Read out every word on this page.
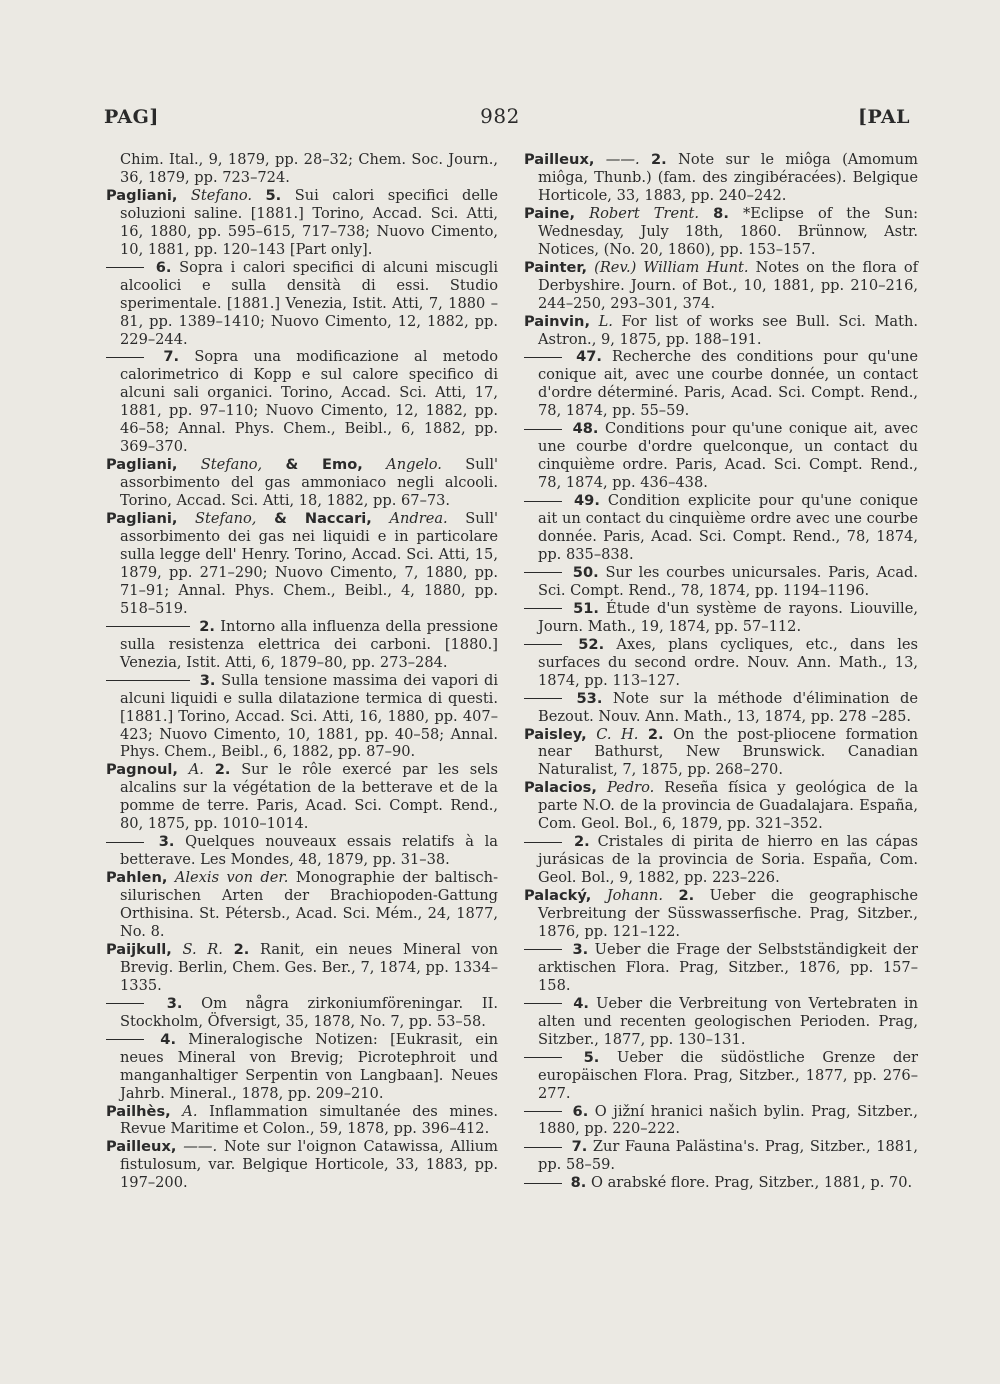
PAG]	982	[PAL

Chim. Ital., 9, 1879, pp. 28–32; Chem. Soc. Journ., 36, 1879, pp. 723–724.

Pagliani, Stefano. 5. Sui calori specifici delle soluzioni saline. [1881.] Torino, Accad. Sci. Atti, 16, 1880, pp. 595–615, 717–738; Nuovo Cimento, 10, 1881, pp. 120–143 [Part only].

6. Sopra i calori specifici di alcuni miscugli alcoolici e sulla densità di essi. Studio sperimentale. [1881.] Venezia, Istit. Atti, 7, 1880 –81, pp. 1389–1410; Nuovo Cimento, 12, 1882, pp. 229–244.

7. Sopra una modificazione al metodo calorimetrico di Kopp e sul calore specifico di alcuni sali organici. Torino, Accad. Sci. Atti, 17, 1881, pp. 97–110; Nuovo Cimento, 12, 1882, pp. 46–58; Annal. Phys. Chem., Beibl., 6, 1882, pp. 369–370.

Pagliani, Stefano, & Emo, Angelo. Sull' assorbimento del gas ammoniaco negli alcooli. Torino, Accad. Sci. Atti, 18, 1882, pp. 67–73.

Pagliani, Stefano, & Naccari, Andrea. Sull' assorbimento dei gas nei liquidi e in particolare sulla legge dell' Henry. Torino, Accad. Sci. Atti, 15, 1879, pp. 271–290; Nuovo Cimento, 7, 1880, pp. 71–91; Annal. Phys. Chem., Beibl., 4, 1880, pp. 518–519.

2. Intorno alla influenza della pressione sulla resistenza elettrica dei carboni. [1880.] Venezia, Istit. Atti, 6, 1879–80, pp. 273–284.

3. Sulla tensione massima dei vapori di alcuni liquidi e sulla dilatazione termica di questi. [1881.] Torino, Accad. Sci. Atti, 16, 1880, pp. 407–423; Nuovo Cimento, 10, 1881, pp. 40–58; Annal. Phys. Chem., Beibl., 6, 1882, pp. 87–90.

Pagnoul, A. 2. Sur le rôle exercé par les sels alcalins sur la végétation de la betterave et de la pomme de terre. Paris, Acad. Sci. Compt. Rend., 80, 1875, pp. 1010–1014.

3. Quelques nouveaux essais relatifs à la betterave. Les Mondes, 48, 1879, pp. 31–38.

Pahlen, Alexis von der. Monographie der baltisch-silurischen Arten der Brachiopoden-Gattung Orthisina. St. Pétersb., Acad. Sci. Mém., 24, 1877, No. 8.

Paijkull, S. R. 2. Ranit, ein neues Mineral von Brevig. Berlin, Chem. Ges. Ber., 7, 1874, pp. 1334–1335.

3. Om några zirkoniumföreningar. II. Stockholm, Öfversigt, 35, 1878, No. 7, pp. 53–58.

4. Mineralogische Notizen: [Eukrasit, ein neues Mineral von Brevig; Picrotephroit und manganhaltiger Serpentin von Langbaan]. Neues Jahrb. Mineral., 1878, pp. 209–210.

Pailhès, A. Inflammation simultanée des mines. Revue Maritime et Colon., 59, 1878, pp. 396–412.

Pailleux, ——. Note sur l'oignon Catawissa, Allium fistulosum, var. Belgique Horticole, 33, 1883, pp. 197–200.

Pailleux, ——. 2. Note sur le miôga (Amomum miôga, Thunb.) (fam. des zingibéracées). Belgique Horticole, 33, 1883, pp. 240–242.

Paine, Robert Trent. 8. *Eclipse of the Sun: Wednesday, July 18th, 1860. Brünnow, Astr. Notices, (No. 20, 1860), pp. 153–157.

Painter, (Rev.) William Hunt. Notes on the flora of Derbyshire. Journ. of Bot., 10, 1881, pp. 210–216, 244–250, 293–301, 374.

Painvin, L. For list of works see Bull. Sci. Math. Astron., 9, 1875, pp. 188–191.

47. Recherche des conditions pour qu'une conique ait, avec une courbe donnée, un contact d'ordre déterminé. Paris, Acad. Sci. Compt. Rend., 78, 1874, pp. 55–59.

48. Conditions pour qu'une conique ait, avec une courbe d'ordre quelconque, un contact du cinquième ordre. Paris, Acad. Sci. Compt. Rend., 78, 1874, pp. 436–438.

49. Condition explicite pour qu'une conique ait un contact du cinquième ordre avec une courbe donnée. Paris, Acad. Sci. Compt. Rend., 78, 1874, pp. 835–838.

50. Sur les courbes unicursales. Paris, Acad. Sci. Compt. Rend., 78, 1874, pp. 1194–1196.

51. Étude d'un système de rayons. Liouville, Journ. Math., 19, 1874, pp. 57–112.

52. Axes, plans cycliques, etc., dans les surfaces du second ordre. Nouv. Ann. Math., 13, 1874, pp. 113–127.

53. Note sur la méthode d'élimination de Bezout. Nouv. Ann. Math., 13, 1874, pp. 278 –285.

Paisley, C. H. 2. On the post-pliocene formation near Bathurst, New Brunswick. Canadian Naturalist, 7, 1875, pp. 268–270.

Palacios, Pedro. Reseña física y geológica de la parte N.O. de la provincia de Guadalajara. España, Com. Geol. Bol., 6, 1879, pp. 321–352.

2. Cristales di pirita de hierro en las cápas jurásicas de la provincia de Soria. España, Com. Geol. Bol., 9, 1882, pp. 223–226.

Palacký, Johann. 2. Ueber die geographische Verbreitung der Süsswasserfische. Prag, Sitzber., 1876, pp. 121–122.

3. Ueber die Frage der Selbstständigkeit der arktischen Flora. Prag, Sitzber., 1876, pp. 157–158.

4. Ueber die Verbreitung von Vertebraten in alten und recenten geologischen Perioden. Prag, Sitzber., 1877, pp. 130–131.

5. Ueber die südöstliche Grenze der europäischen Flora. Prag, Sitzber., 1877, pp. 276–277.

6. O jižní hranici našich bylin. Prag, Sitzber., 1880, pp. 220–222.

7. Zur Fauna Palästina's. Prag, Sitzber., 1881, pp. 58–59.

8. O arabské flore. Prag, Sitzber., 1881, p. 70.
